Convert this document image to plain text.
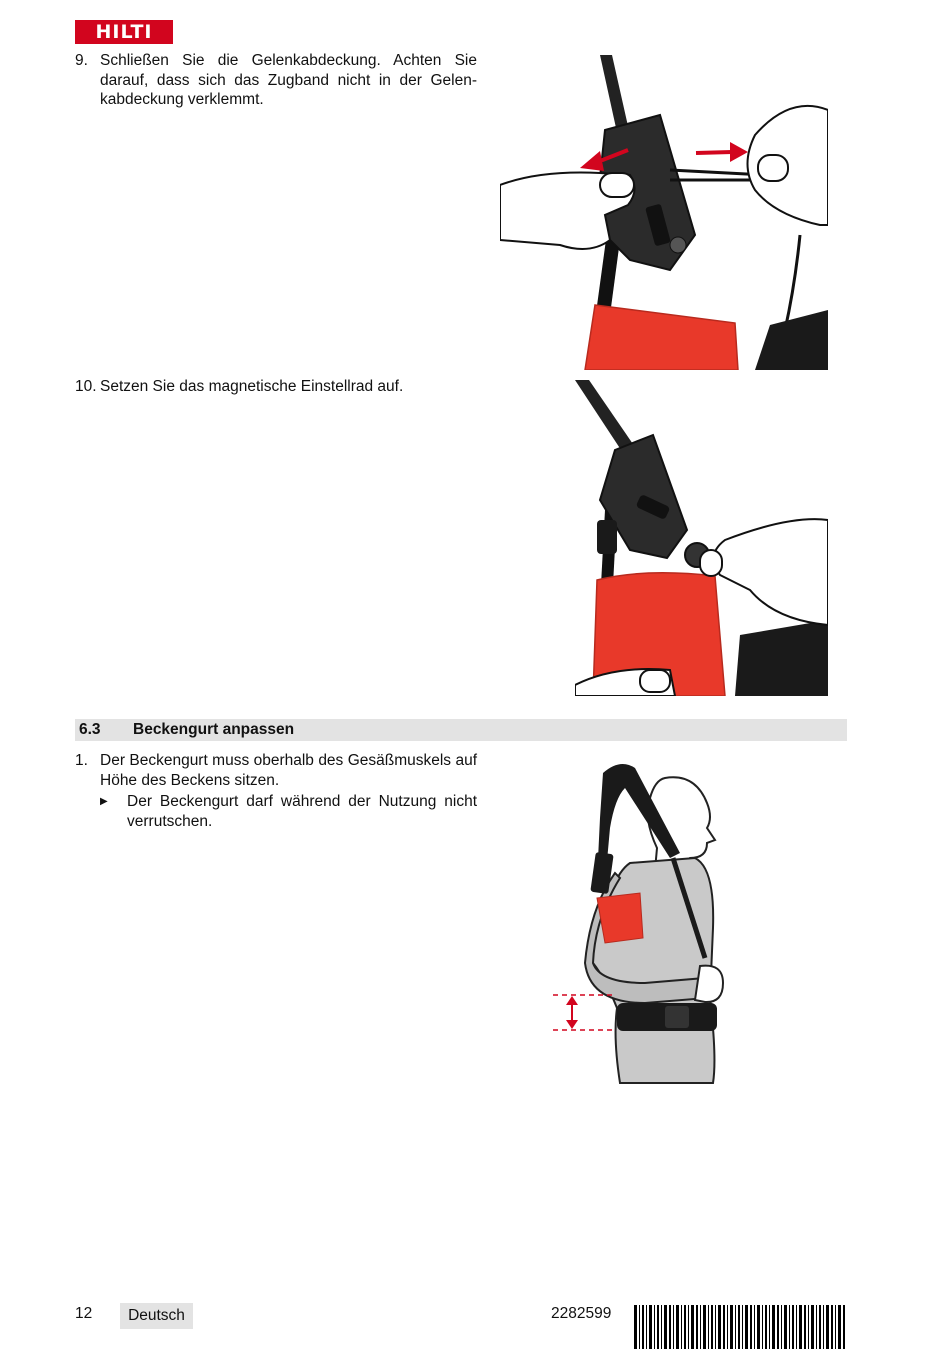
HILTI
9. Schließen Sie die Gelenkabdeckung. Achten Sie darauf, dass sich das Zugband nicht in der Gelenkabdeckung verklemmt.
10. Setzen Sie das magnetische Einstellrad auf.
6.3 Beckengurt anpassen
1. Der Beckengurt muss oberhalb des Gesäßmuskels auf Höhe des Beckens sitzen.
▶ Der Beckengurt darf während der Nutzung nicht verrutschen.
12	Deutsch	2282599
